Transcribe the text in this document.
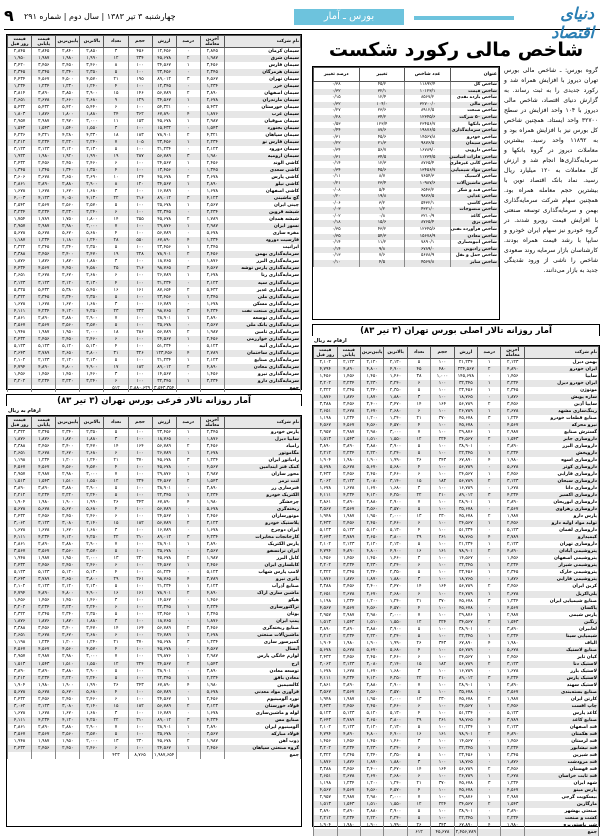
۹ چهارشنبه ۳ تیر ۱۳۸۳ | سال دوم | شماره ۲۹۱	بورس ـ آمار	دنیای اقتصاد
نام شرکت	آخرین معامله	درصد	ارزش	حجم	تعداد	بالاترین	پایین‌ترین	قیمت پایانی	قیمت روز قبل
سیمان کرمان	۲,۸۴۵	۰	۱۲,۴۵۶	۴۵۶	۳	۲,۸۵۰	۲,۸۴۰	۲,۸۴۵	۲,۸۴۵
سیمان شرق	۱,۹۸۷	۲	۴۵,۶۷۸	۲۳۴	۱۲	۱,۹۹۰	۱,۹۸۰	۱,۹۸۷	۱,۹۵۰
سیمان فارس	۳,۴۵۶	۱	۳۴,۵۶۷	۱۰۰	۸	۳,۴۶۰	۳,۴۵۰	۳,۴۵۶	۳,۴۲۰
سیمان هرمزگان	۲,۳۴۵	۰	۲۳,۴۵۶	۱۰۰	۵	۲,۳۵۰	۲,۳۴۰	۲,۳۴۵	۲,۳۴۵
سیمان تهران	۴,۵۶۷	۳	۸۹,۰۱۲	۱۹۵	۲۱	۴,۵۷۰	۴,۵۰۰	۴,۵۶۷	۴,۴۳۴
سیمان خزر	۱,۲۳۴	۰	۱۲,۳۴۵	۱۰۰	۴	۱,۲۴۰	۱,۲۳۰	۱,۲۳۴	۱,۲۳۴
سیمان اصفهان	۳,۸۹۰	۲	۵۶,۷۸۹	۱۴۶	۱۵	۳,۹۰۰	۳,۸۵۰	۳,۸۹۰	۳,۸۱۴
سیمان مازندران	۲,۶۷۸	۱	۳۴,۵۶۷	۱۲۹	۹	۲,۶۸۰	۲,۶۶۰	۲,۶۷۸	۲,۶۵۱
سیمان خوزستان	۵,۴۳۲	۰	۵۴,۳۲۱	۱۰۰	۶	۵,۴۴۰	۵,۴۲۰	۵,۴۳۲	۵,۴۳۲
سیمان غرب	۱,۸۷۶	۴	۶۷,۸۹۰	۳۶۲	۲۴	۱,۸۸۰	۱,۸۰۰	۱,۸۷۶	۱,۸۰۳
سیمان صوفیان	۲,۹۸۷	۱	۴۵,۶۷۸	۱۵۳	۱۱	۳,۰۰۰	۲,۹۷۰	۲,۹۸۷	۲,۹۵۷
سیمان بجنورد	۱,۵۴۳	۰	۱۵,۴۳۲	۱۰۰	۳	۱,۵۵۰	۱,۵۴۰	۱,۵۴۳	۱,۵۴۳
سیمان سپاهان	۴,۳۲۱	۲	۷۸,۹۰۱	۱۸۳	۱۸	۴,۳۳۰	۴,۲۸۰	۴,۳۲۱	۴,۲۳۶
سیمان فارس نو	۲,۲۳۴	۱	۲۳,۴۵۶	۱۰۵	۷	۲,۲۴۰	۲,۲۲۰	۲,۲۳۴	۲,۲۱۲
سیمان دورود	۳,۱۲۳	۰	۳۱,۲۳۴	۱۰۰	۵	۳,۱۳۰	۳,۱۲۰	۳,۱۲۳	۳,۱۲۳
سیمان ارومیه	۱,۹۸۰	۳	۵۶,۷۸۹	۲۸۷	۱۹	۱,۹۹۰	۱,۹۲۰	۱,۹۸۰	۱,۹۲۲
کاشی الوند	۲,۴۵۶	۱	۲۴,۵۶۷	۱۰۰	۶	۲,۴۶۰	۲,۴۵۰	۲,۴۵۶	۲,۴۳۲
کاشی سعدی	۱,۳۴۵	۰	۱۳,۴۵۶	۱۰۰	۴	۱,۳۵۰	۱,۳۴۰	۱,۳۴۵	۱,۳۴۵
کاشی پارس	۳,۶۷۸	۲	۴۵,۶۷۸	۱۲۴	۱۰	۳,۶۹۰	۳,۶۵۰	۳,۶۷۸	۳,۶۰۶
کاشی نیلو	۲,۸۹۰	۱	۳۴,۵۶۷	۱۲۰	۸	۲,۹۰۰	۲,۸۸۰	۲,۸۹۰	۲,۸۶۱
کاشی اصفهان	۱,۶۷۸	۰	۱۶,۷۸۹	۱۰۰	۳	۱,۶۸۰	۱,۶۷۰	۱,۶۷۸	۱,۶۷۸
گچ ماشینی	۴,۱۲۳	۳	۸۹,۰۱۲	۲۱۶	۲۲	۴,۱۳۰	۴,۰۵۰	۴,۱۲۳	۴,۰۰۳
چینی ایران	۲,۵۶۷	۱	۲۵,۶۷۸	۱۰۰	۵	۲,۵۷۰	۲,۵۶۰	۲,۵۶۷	۲,۵۴۲
شیشه قزوین	۳,۲۳۴	۰	۳۲,۳۴۵	۱۰۰	۶	۳,۲۴۰	۳,۲۳۰	۳,۲۳۴	۳,۲۳۴
شیشه همدان	۱,۷۸۹	۲	۴۵,۶۷۸	۲۵۵	۱۴	۱,۸۰۰	۱,۷۵۰	۱,۷۸۹	۱,۷۵۴
نسوز ایران	۲,۹۸۷	۱	۲۹,۸۷۶	۱۰۰	۷	۳,۰۰۰	۲,۹۸۰	۲,۹۸۷	۲,۹۵۷
مقره سازی	۵,۶۷۸	۰	۵۶,۷۸۹	۱۰۰	۴	۵,۶۸۰	۵,۶۷۰	۵,۶۷۸	۵,۶۷۸
فارسیت دورود	۱,۲۳۴	۴	۶۷,۸۹۰	۵۵۰	۲۸	۱,۲۴۰	۱,۱۸۰	۱,۲۳۴	۱,۱۸۷
ایرانیت	۲,۳۴۵	۱	۲۳,۴۵۶	۱۰۰	۵	۲,۳۵۰	۲,۳۴۰	۲,۳۴۵	۲,۳۲۲
سرمایه‌گذاری بهمن	۳,۴۵۶	۲	۷۸,۹۰۱	۲۲۸	۱۹	۳,۴۷۰	۳,۴۰۰	۳,۴۵۶	۳,۳۸۸
سرمایه‌گذاری البرز	۱,۸۷۶	۰	۱۸,۷۶۵	۱۰۰	۳	۱,۸۸۰	۱,۸۷۰	۱,۸۷۶	۱,۸۷۶
سرمایه‌گذاری پارس توشه	۴,۵۶۷	۳	۹۸,۷۶۵	۲۱۶	۲۵	۴,۵۸۰	۴,۴۵۰	۴,۵۶۷	۴,۴۳۴
سرمایه‌گذاری رنا	۲,۶۷۸	۱	۲۶,۷۸۹	۱۰۰	۶	۲,۶۸۰	۲,۶۷۰	۲,۶۷۸	۲,۶۵۱
سرمایه‌گذاری سپه	۳,۱۲۳	۰	۳۱,۲۳۴	۱۰۰	۴	۳,۱۳۰	۳,۱۲۰	۳,۱۲۳	۳,۱۲۳
سرمایه‌گذاری غدیر	۵,۴۳۲	۲	۸۷,۶۵۴	۱۶۱	۱۶	۵,۴۵۰	۵,۳۸۰	۵,۴۳۲	۵,۳۲۵
سرمایه‌گذاری ملی	۲,۳۴۵	۱	۲۳,۴۵۶	۱۰۰	۵	۲,۳۵۰	۲,۳۴۰	۲,۳۴۵	۲,۳۲۲
سرمایه‌گذاری مسکن	۱,۶۷۸	۰	۱۶,۷۸۹	۱۰۰	۳	۱,۶۸۰	۱,۶۷۰	۱,۶۷۸	۱,۶۷۸
سرمایه‌گذاری صنعت نفت	۴,۲۳۴	۳	۹۸,۷۶۵	۲۳۳	۲۳	۴,۲۵۰	۴,۱۲۰	۴,۲۳۴	۴,۱۱۱
سرمایه‌گذاری توسعه	۲,۸۹۰	۱	۲۸,۹۰۱	۱۰۰	۷	۲,۹۰۰	۲,۸۸۰	۲,۸۹۰	۲,۸۶۱
سرمایه‌گذاری بانک ملی	۳,۵۶۷	۰	۳۵,۶۷۸	۱۰۰	۵	۳,۵۷۰	۳,۵۶۰	۳,۵۶۷	۳,۵۶۷
سرمایه‌گذاری تامین	۱,۹۸۷	۲	۵۶,۷۸۹	۲۸۶	۱۸	۲,۰۰۰	۱,۹۵۰	۱,۹۸۷	۱,۹۴۸
سرمایه‌گذاری خوارزمی	۲,۴۵۶	۱	۲۴,۵۶۷	۱۰۰	۶	۲,۴۶۰	۲,۴۵۰	۲,۴۵۶	۲,۴۳۲
سرمایه‌گذاری آتیه	۵,۱۲۳	۰	۵۱,۲۳۴	۱۰۰	۴	۵,۱۳۰	۵,۱۲۰	۵,۱۲۳	۵,۱۲۳
سرمایه‌گذاری ساختمان	۳,۷۸۹	۴	۱۲۳,۴۵۶	۳۲۶	۳۱	۳,۸۰۰	۳,۶۵۰	۳,۷۸۹	۳,۶۴۳
سرمایه‌گذاری صنایع	۲,۱۲۳	۱	۲۱,۲۳۴	۱۰۰	۵	۲,۱۳۰	۲,۱۲۰	۲,۱۲۳	۲,۱۰۲
سرمایه‌گذاری معادن	۴,۸۹۰	۲	۸۹,۰۱۲	۱۸۲	۱۷	۴,۹۰۰	۴,۸۰۰	۴,۸۹۰	۴,۷۹۴
سرمایه‌گذاری نیرو	۱,۴۵۶	۰	۱۴,۵۶۷	۱۰۰	۳	۱,۴۶۰	۱,۴۵۰	۱,۴۵۶	۱,۴۵۶
سرمایه‌گذاری دارو	۳,۲۳۴	۱	۳۲,۳۴۵	۱۰۰	۶	۳,۲۴۰	۳,۲۳۰	۳,۲۳۴	۳,۲۰۲
جمع			۳,۵۴۳,۳۵۴	۲,۸۸۰,۶۲۹	۵۱۲				
شاخص مالی رکورد شکست
گروه بورس: ـ شاخص مالی بورس تهران دیروز با افزایش همراه شد و رکورد جدیدی را به ثبت رساند. به گزارش دنیای اقتصاد، شاخص مالی دیروز با ۱۰۴ واحد افزایش در سطح ۳۲۷۰۰ واحد ایستاد. همچنین شاخص کل بورس نیز با افزایش همراه بود و به ۱۱۸۹۲ واحد رسید. بیشترین معاملات دیروز در گروه بانکها و سرمایه‌گذاری‌ها انجام شد و ارزش کل معاملات به ۱۲۰ میلیارد ریال رسید. نماد بانک اقتصاد نوین با بیشترین حجم معامله همراه بود. همچنین سهام شرکت سرمایه‌گذاری بهمن و سرمایه‌گذاری توسعه صنعتی با افزایش قیمت روبرو شدند. در گروه خودرو نیز سهام ایران خودرو و سایپا با رشد قیمت همراه بودند. کارشناسان بازار سرمایه روند صعودی شاخص را ناشی از ورود نقدینگی جدید به بازار می‌دانند.
عنوان	عدد شاخص	تغییر	درصد تغییر
شاخص کل	۱۱۸۹۲/۴	۴۵/۲	۰/۳۸
شاخص قیمت	۱۰۱۲۳/۱	۳۲/۱	۰/۳۲
شاخص بازده نقدی	۸۵۶۷/۲	۱۲/۴	۰/۱۵
شاخص مالی	۳۲۷۰۰/۰	۱۰۴/۰	۰/۳۲
شاخص صنعت	۸۹۱۲/۵	۲۳/۶	۰/۲۷
شاخص ۵۰ شرکت	۱۲۳۴۵/۶	۳۴/۲	۰/۲۸
شاخص بانکها	۲۳۴۵۶/۷	۱۲۳/۴	۰/۵۳
شاخص سرمایه‌گذاری	۱۹۸۷۶/۵	۸۷/۶	۰/۴۴
شاخص خودرو	۱۴۵۶۷/۸	۴۵/۶	۰/۳۱
شاخص سیمان	۹۸۷۶/۵	۲۱/۳	۰/۲۲
شاخص دارویی	۱۶۷۸۹/۰	۵۶/۷	۰/۳۴
شاخص فلزات اساسی	۱۱۲۳۴/۵	۳۴/۵	۰/۳۱
شاخص کانی غیرفلزی	۸۷۶۵/۴	۱۲/۳	۰/۱۴
شاخص مواد شیمیایی	۱۳۴۵۶/۷	۴۵/۶	۰/۳۴
شاخص لاستیک	۷۶۵۴/۳	۸/۷	۰/۱۱
شاخص ماشین‌آلات	۱۰۹۸۷/۶	۲۳/۴	۰/۲۱
شاخص قند و شکر	۶۵۴۳/۲	۵/۴	۰/۰۸
شاخص غذایی	۹۸۷۶/۵	۱۹/۸	۰/۲۰
شاخص کاشی	۵۴۳۲/۱	۳/۲	۰/۰۶
شاخص منسوجات	۴۳۲۱/۰	۱/۲	۰/۰۳
شاخص کاغذ	۳۲۱۰/۹	۰/۸	۰/۰۲
شاخص برق	۸۷۶۵/۴	۱۵/۶	۰/۱۸
شاخص فرآورده نفتی	۱۲۳۴۵/۶	۴۳/۲	۰/۳۵
شاخص معادن	۱۵۶۷۸/۹	۵۴/۳	۰/۳۵
شاخص انبوه‌سازی	۷۸۹۰/۱	۱۱/۲	۰/۱۴
شاخص رادیویی	۶۷۸۹/۰	۹/۸	۰/۱۴
شاخص حمل و نقل	۵۶۷۸/۹	۷/۶	۰/۱۳
شاخص سایر	۴۵۶۷/۸	۴/۵	۰/۱۰
آمار روزانه تالار اصلی بورس تهران (۳ تیر ۸۳)
ارقام به ریال
نام شرکت	آخرین معامله	درصد	ارزش	حجم	تعداد	بالاترین	پایین‌ترین	قیمت پایانی	قیمت روز قبل
بهمن دیزل	۲,۱۲۳	۱	۲۱,۲۳۴	۱۰۰	۵	۲,۱۳۰	۲,۱۲۰	۲,۱۲۳	۲,۱۰۲
ایران خودرو	۴,۸۹۰	۲	۲۳۴,۵۶۷	۴۸۰	۴۵	۴,۹۰۰	۴,۸۰۰	۴,۸۹۰	۴,۷۹۴
سایپا	۱,۴۵۶	۰	۱۴۵,۶۷۸	۱,۰۰۰	۳۸	۱,۴۶۰	۱,۴۵۰	۱,۴۵۶	۱,۴۵۶
ایران خودرو دیزل	۳,۲۳۴	۱	۳۲,۳۴۵	۱۰۰	۶	۳,۲۴۰	۳,۲۳۰	۳,۲۳۴	۳,۲۰۲
موتوژن	۲,۳۴۵	۱	۲۳,۴۵۶	۱۰۰	۵	۲,۳۵۰	۲,۳۴۰	۲,۳۴۵	۲,۳۲۲
سازه پویش	۱,۸۷۶	۰	۱۸,۷۶۵	۱۰۰	۳	۱,۸۸۰	۱,۸۷۰	۱,۸۷۶	۱,۸۷۶
سایپا آذین	۳,۴۵۶	۲	۵۶,۷۸۹	۱۶۴	۱۴	۳,۴۷۰	۳,۴۰۰	۳,۴۵۶	۳,۳۸۸
رینگ‌سازی مشهد	۲,۶۷۸	۱	۲۶,۷۸۹	۱۰۰	۶	۲,۶۸۰	۲,۶۷۰	۲,۶۷۸	۲,۶۵۱
صنایع قطعات خودرو	۱,۲۳۴	۳	۴۵,۶۷۸	۳۷۰	۲۱	۱,۲۴۰	۱,۲۰۰	۱,۲۳۴	۱,۱۹۸
نیرو محرکه	۴,۵۶۷	۰	۴۵,۶۷۸	۱۰۰	۴	۴,۵۷۰	۴,۵۶۰	۴,۵۶۷	۴,۵۶۷
گسترش صنایع	۲,۹۸۷	۱	۲۹,۸۷۶	۱۰۰	۷	۳,۰۰۰	۲,۹۸۰	۲,۹۸۷	۲,۹۵۷
داروسازی جابر	۱,۵۴۳	۲	۳۴,۵۶۷	۲۲۴	۱۲	۱,۵۵۰	۱,۵۱۰	۱,۵۴۳	۱,۵۱۳
داروسازی البرز	۳,۸۹۰	۰	۳۸,۹۰۱	۱۰۰	۵	۳,۹۰۰	۳,۸۸۰	۳,۸۹۰	۳,۸۹۰
داروپخش	۲,۲۳۴	۱	۲۲,۳۴۵	۱۰۰	۵	۲,۲۴۰	۲,۲۲۰	۲,۲۳۴	۲,۲۱۲
داروسازی اسوه	۱,۹۸۰	۴	۶۷,۸۹۰	۳۴۳	۲۶	۱,۹۹۰	۱,۹۰۰	۱,۹۸۰	۱,۹۰۴
داروسازی کوثر	۵,۶۷۸	۰	۵۶,۷۸۹	۱۰۰	۴	۵,۶۸۰	۵,۶۷۰	۵,۶۷۸	۵,۶۷۸
داروسازی فارابی	۲,۴۵۶	۱	۲۴,۵۶۷	۱۰۰	۶	۲,۴۶۰	۲,۴۵۰	۲,۴۵۶	۲,۴۳۲
داروسازی سبحان	۳,۱۲۳	۲	۵۶,۷۸۹	۱۸۲	۱۵	۳,۱۴۰	۳,۰۸۰	۳,۱۲۳	۳,۰۶۲
داروسازی دانا	۱,۶۷۸	۰	۱۶,۷۸۹	۱۰۰	۳	۱,۶۸۰	۱,۶۷۰	۱,۶۷۸	۱,۶۷۸
داروسازی اکسیر	۴,۲۳۴	۳	۸۹,۰۱۲	۲۱۰	۲۲	۴,۲۵۰	۴,۱۲۰	۴,۲۳۴	۴,۱۱۱
داروسازی ابوریحان	۲,۸۹۰	۱	۲۸,۹۰۱	۱۰۰	۷	۲,۹۰۰	۲,۸۸۰	۲,۸۹۰	۲,۸۶۱
داروسازی زهراوی	۳,۵۶۷	۰	۳۵,۶۷۸	۱۰۰	۵	۳,۵۷۰	۳,۵۶۰	۳,۵۶۷	۳,۵۶۷
پارس دارو	۱,۹۸۷	۲	۴۵,۶۷۸	۲۳۰	۱۳	۲,۰۰۰	۱,۹۵۰	۱,۹۸۷	۱,۹۴۸
تولید مواد اولیه دارو	۲,۴۵۶	۱	۲۴,۵۶۷	۱۰۰	۶	۲,۴۶۰	۲,۴۵۰	۲,۴۵۶	۲,۴۳۲
داروسازی لقمان	۵,۱۲۳	۰	۵۱,۲۳۴	۱۰۰	۴	۵,۱۳۰	۵,۱۲۰	۵,۱۲۳	۵,۱۲۳
کیمیدارو	۳,۷۸۹	۴	۹۸,۷۶۵	۲۶۱	۲۹	۳,۸۰۰	۳,۶۵۰	۳,۷۸۹	۳,۶۴۳
داروسازی تهران	۲,۱۲۳	۱	۲۱,۲۳۴	۱۰۰	۵	۲,۱۳۰	۲,۱۲۰	۲,۱۲۳	۲,۱۰۲
پتروشیمی آبادان	۴,۸۹۰	۲	۷۸,۹۰۱	۱۶۱	۱۶	۴,۹۰۰	۴,۸۰۰	۴,۸۹۰	۴,۷۹۴
پتروشیمی اصفهان	۱,۴۵۶	۰	۱۴,۵۶۷	۱۰۰	۳	۱,۴۶۰	۱,۴۵۰	۱,۴۵۶	۱,۴۵۶
پتروشیمی شیراز	۳,۲۳۴	۱	۳۲,۳۴۵	۱۰۰	۶	۳,۲۴۰	۳,۲۳۰	۳,۲۳۴	۳,۲۰۲
پتروشیمی خارک	۲,۳۴۵	۱	۲۳,۴۵۶	۱۰۰	۵	۲,۳۵۰	۲,۳۴۰	۲,۳۴۵	۲,۳۲۲
پتروشیمی فارابی	۱,۸۷۶	۰	۱۸,۷۶۵	۱۰۰	۳	۱,۸۸۰	۱,۸۷۰	۱,۸۷۶	۱,۸۷۶
کربن ایران	۳,۴۵۶	۲	۵۶,۷۸۹	۱۶۴	۱۴	۳,۴۷۰	۳,۴۰۰	۳,۴۵۶	۳,۳۸۸
پلی‌اکریل	۲,۶۷۸	۱	۲۶,۷۸۹	۱۰۰	۶	۲,۶۸۰	۲,۶۷۰	۲,۶۷۸	۲,۶۵۱
صنایع شیمیایی ایران	۱,۲۳۴	۳	۴۵,۶۷۸	۳۷۰	۲۱	۱,۲۴۰	۱,۲۰۰	۱,۲۳۴	۱,۱۹۸
پاکسان	۴,۵۶۷	۰	۴۵,۶۷۸	۱۰۰	۴	۴,۵۷۰	۴,۵۶۰	۴,۵۶۷	۴,۵۶۷
پارس شیمی	۲,۹۸۷	۱	۲۹,۸۷۶	۱۰۰	۷	۳,۰۰۰	۲,۹۸۰	۲,۹۸۷	۲,۹۵۷
رنگین	۱,۵۴۳	۲	۳۴,۵۶۷	۲۲۴	۱۲	۱,۵۵۰	۱,۵۱۰	۱,۵۴۳	۱,۵۱۳
لعابیران	۳,۸۹۰	۰	۳۸,۹۰۱	۱۰۰	۵	۳,۹۰۰	۳,۸۸۰	۳,۸۹۰	۳,۸۹۰
شیمیایی سینا	۲,۲۳۴	۱	۲۲,۳۴۵	۱۰۰	۵	۲,۲۴۰	۲,۲۲۰	۲,۲۳۴	۲,۲۱۲
الیاف	۱,۹۸۰	۴	۶۷,۸۹۰	۳۴۳	۲۶	۱,۹۹۰	۱,۹۰۰	۱,۹۸۰	۱,۹۰۴
صنایع لاستیک	۵,۶۷۸	۰	۵۶,۷۸۹	۱۰۰	۴	۵,۶۸۰	۵,۶۷۰	۵,۶۷۸	۵,۶۷۸
کیان تایر	۲,۴۵۶	۱	۲۴,۵۶۷	۱۰۰	۶	۲,۴۶۰	۲,۴۵۰	۲,۴۵۶	۲,۴۳۲
لاستیک دنا	۳,۱۲۳	۲	۵۶,۷۸۹	۱۸۲	۱۵	۳,۱۴۰	۳,۰۸۰	۳,۱۲۳	۳,۰۶۲
لاستیک بارز	۱,۶۷۸	۰	۱۶,۷۸۹	۱۰۰	۳	۱,۶۸۰	۱,۶۷۰	۱,۶۷۸	۱,۶۷۸
لاستیک پارس	۴,۲۳۴	۳	۸۹,۰۱۲	۲۱۰	۲۲	۴,۲۵۰	۴,۱۲۰	۴,۲۳۴	۴,۱۱۱
لاستیک سهند	۲,۸۹۰	۱	۲۸,۹۰۱	۱۰۰	۷	۲,۹۰۰	۲,۸۸۰	۲,۸۹۰	۲,۸۶۱
صنایع بسته‌بندی	۳,۵۶۷	۰	۳۵,۶۷۸	۱۰۰	۵	۳,۵۷۰	۳,۵۶۰	۳,۵۶۷	۳,۵۶۷
کارتن ایران	۱,۹۸۷	۲	۴۵,۶۷۸	۲۳۰	۱۳	۲,۰۰۰	۱,۹۵۰	۱,۹۸۷	۱,۹۴۸
چاپ افست	۲,۴۵۶	۱	۲۴,۵۶۷	۱۰۰	۶	۲,۴۶۰	۲,۴۵۰	۲,۴۵۶	۲,۴۳۲
کاغذ پارس	۵,۱۲۳	۰	۵۱,۲۳۴	۱۰۰	۴	۵,۱۳۰	۵,۱۲۰	۵,۱۲۳	۵,۱۲۳
صنایع کاغذ	۳,۷۸۹	۴	۹۸,۷۶۵	۲۶۱	۲۹	۳,۸۰۰	۳,۶۵۰	۳,۷۸۹	۳,۶۴۳
قند اصفهان	۲,۱۲۳	۱	۲۱,۲۳۴	۱۰۰	۵	۲,۱۳۰	۲,۱۲۰	۲,۱۲۳	۲,۱۰۲
قند هکمتان	۴,۸۹۰	۲	۷۸,۹۰۱	۱۶۱	۱۶	۴,۹۰۰	۴,۸۰۰	۴,۸۹۰	۴,۷۹۴
قند لرستان	۱,۴۵۶	۰	۱۴,۵۶۷	۱۰۰	۳	۱,۴۶۰	۱,۴۵۰	۱,۴۵۶	۱,۴۵۶
قند نیشابور	۳,۲۳۴	۱	۳۲,۳۴۵	۱۰۰	۶	۳,۲۴۰	۳,۲۳۰	۳,۲۳۴	۳,۲۰۲
قند شیرین	۲,۳۴۵	۱	۲۳,۴۵۶	۱۰۰	۵	۲,۳۵۰	۲,۳۴۰	۲,۳۴۵	۲,۳۲۲
قند مرودشت	۱,۸۷۶	۰	۱۸,۷۶۵	۱۰۰	۳	۱,۸۸۰	۱,۸۷۰	۱,۸۷۶	۱,۸۷۶
قند قهستان	۳,۴۵۶	۲	۵۶,۷۸۹	۱۶۴	۱۴	۳,۴۷۰	۳,۴۰۰	۳,۴۵۶	۳,۳۸۸
قند ثابت خراسان	۲,۶۷۸	۱	۲۶,۷۸۹	۱۰۰	۶	۲,۶۸۰	۲,۶۷۰	۲,۶۷۸	۲,۶۵۱
شهد ایران	۱,۲۳۴	۳	۴۵,۶۷۸	۳۷۰	۲۱	۱,۲۴۰	۱,۲۰۰	۱,۲۳۴	۱,۱۹۸
پارس مینو	۴,۵۶۷	۰	۴۵,۶۷۸	۱۰۰	۴	۴,۵۷۰	۴,۵۶۰	۴,۵۶۷	۴,۵۶۷
بیسکویت گرجی	۲,۹۸۷	۱	۲۹,۸۷۶	۱۰۰	۷	۳,۰۰۰	۲,۹۸۰	۲,۹۸۷	۲,۹۵۷
مارگارین	۱,۵۴۳	۲	۳۴,۵۶۷	۲۲۴	۱۲	۱,۵۵۰	۱,۵۱۰	۱,۵۴۳	۱,۵۱۳
صنعتی بهشهر	۳,۸۹۰	۰	۳۸,۹۰۱	۱۰۰	۵	۳,۹۰۰	۳,۸۸۰	۳,۸۹۰	۳,۸۹۰
کشت و صنعت	۲,۲۳۴	۱	۲۲,۳۴۵	۱۰۰	۵	۲,۲۴۰	۲,۲۲۰	۲,۲۳۴	۲,۲۱۲
شیر پاستوریزه	۱,۹۸۰	۴	۶۷,۸۹۰	۳۴۳	۲۶	۱,۹۹۰	۱,۹۰۰	۱,۹۸۰	۱,۹۰۴
جمع			۲,۴۵۶,۷۸۹	۴۵,۶۷۸	۶۱۲				
آمار روزانه تالار فرعی بورس تهران (۳ تیر ۸۳)
ارقام به ریال
نام شرکت	آخرین معامله	درصد	ارزش	حجم	تعداد	بالاترین	پایین‌ترین	قیمت پایانی	قیمت روز قبل
پارس خودرو	۲,۳۴۵	۱	۲۳,۴۵۶	۱۰۰	۵	۲,۳۵۰	۲,۳۴۰	۲,۳۴۵	۲,۳۲۲
سایپا دیزل	۱,۸۷۶	۰	۱۸,۷۶۵	۱۰۰	۳	۱,۸۸۰	۱,۸۷۰	۱,۸۷۶	۱,۸۷۶
زامیاد	۳,۴۵۶	۲	۵۶,۷۸۹	۱۶۴	۱۴	۳,۴۷۰	۳,۴۰۰	۳,۴۵۶	۳,۳۸۸
مگاموتور	۲,۶۷۸	۱	۲۶,۷۸۹	۱۰۰	۶	۲,۶۸۰	۲,۶۷۰	۲,۶۷۸	۲,۶۵۱
رادیاتور ایران	۱,۲۳۴	۳	۴۵,۶۷۸	۳۷۰	۲۱	۱,۲۴۰	۱,۲۰۰	۱,۲۳۴	۱,۱۹۸
کمک فنر ایندامین	۴,۵۶۷	۰	۴۵,۶۷۸	۱۰۰	۴	۴,۵۷۰	۴,۵۶۰	۴,۵۶۷	۴,۵۶۷
محور سازان	۲,۹۸۷	۱	۲۹,۸۷۶	۱۰۰	۷	۳,۰۰۰	۲,۹۸۰	۲,۹۸۷	۲,۹۵۷
لنت ترمز	۱,۵۴۳	۲	۳۴,۵۶۷	۲۲۴	۱۲	۱,۵۵۰	۱,۵۱۰	۱,۵۴۳	۱,۵۱۳
فنرسازی زر	۳,۸۹۰	۰	۳۸,۹۰۱	۱۰۰	۵	۳,۹۰۰	۳,۸۸۰	۳,۸۹۰	۳,۸۹۰
الکتریک خودرو	۲,۲۳۴	۱	۲۲,۳۴۵	۱۰۰	۵	۲,۲۴۰	۲,۲۲۰	۲,۲۳۴	۲,۲۱۲
چرخشگر	۱,۹۸۰	۴	۶۷,۸۹۰	۳۴۳	۲۶	۱,۹۹۰	۱,۹۰۰	۱,۹۸۰	۱,۹۰۴
ریخته‌گری	۵,۶۷۸	۰	۵۶,۷۸۹	۱۰۰	۴	۵,۶۸۰	۵,۶۷۰	۵,۶۷۸	۵,۶۷۸
موتورسازان	۲,۴۵۶	۱	۲۴,۵۶۷	۱۰۰	۶	۲,۴۶۰	۲,۴۵۰	۲,۴۵۶	۲,۴۳۲
پلاستیک خودرو	۳,۱۲۳	۲	۵۶,۷۸۹	۱۸۲	۱۵	۳,۱۴۰	۳,۰۸۰	۳,۱۲۳	۳,۰۶۲
ایران دوچرخ	۱,۶۷۸	۰	۱۶,۷۸۹	۱۰۰	۳	۱,۶۸۰	۱,۶۷۰	۱,۶۷۸	۱,۶۷۸
کارخانجات مخابرات	۴,۲۳۴	۳	۸۹,۰۱۲	۲۱۰	۲۲	۴,۲۵۰	۴,۱۲۰	۴,۲۳۴	۴,۱۱۱
پارس الکتریک	۲,۸۹۰	۱	۲۸,۹۰۱	۱۰۰	۷	۲,۹۰۰	۲,۸۸۰	۲,۸۹۰	۲,۸۶۱
ایران ترانسفو	۳,۵۶۷	۰	۳۵,۶۷۸	۱۰۰	۵	۳,۵۷۰	۳,۵۶۰	۳,۵۶۷	۳,۵۶۷
کابل البرز	۱,۹۸۷	۲	۴۵,۶۷۸	۲۳۰	۱۳	۲,۰۰۰	۱,۹۵۰	۱,۹۸۷	۱,۹۴۸
کابلسازی ایران	۲,۴۵۶	۱	۲۴,۵۶۷	۱۰۰	۶	۲,۴۶۰	۲,۴۵۰	۲,۴۵۶	۲,۴۳۲
لامپ پارس شهاب	۵,۱۲۳	۰	۵۱,۲۳۴	۱۰۰	۴	۵,۱۳۰	۵,۱۲۰	۵,۱۲۳	۵,۱۲۳
باتری نیرو	۳,۷۸۹	۴	۹۸,۷۶۵	۲۶۱	۲۹	۳,۸۰۰	۳,۶۵۰	۳,۷۸۹	۳,۶۴۳
صنایع آذرآب	۲,۱۲۳	۱	۲۱,۲۳۴	۱۰۰	۵	۲,۱۳۰	۲,۱۲۰	۲,۱۲۳	۲,۱۰۲
ماشین سازی اراک	۴,۸۹۰	۲	۷۸,۹۰۱	۱۶۱	۱۶	۴,۹۰۰	۴,۸۰۰	۴,۸۹۰	۴,۷۹۴
هپکو	۱,۴۵۶	۰	۱۴,۵۶۷	۱۰۰	۳	۱,۴۶۰	۱,۴۵۰	۱,۴۵۶	۱,۴۵۶
تراکتورسازی	۳,۲۳۴	۱	۳۲,۳۴۵	۱۰۰	۶	۳,۲۴۰	۳,۲۳۰	۳,۲۳۴	۳,۲۰۲
بوتان	۲,۳۴۵	۱	۲۳,۴۵۶	۱۰۰	۵	۲,۳۵۰	۲,۳۴۰	۲,۳۴۵	۲,۳۲۲
پمپ ایران	۱,۸۷۶	۰	۱۸,۷۶۵	۱۰۰	۳	۱,۸۸۰	۱,۸۷۰	۱,۸۷۶	۱,۸۷۶
صنایع ریخته‌گری	۳,۴۵۶	۲	۵۶,۷۸۹	۱۶۴	۱۴	۳,۴۷۰	۳,۴۰۰	۳,۴۵۶	۳,۳۸۸
ماشین‌آلات صنعتی	۲,۶۷۸	۱	۲۶,۷۸۹	۱۰۰	۶	۲,۶۸۰	۲,۶۷۰	۲,۶۷۸	۲,۶۵۱
کمپرسور سازی	۱,۲۳۴	۳	۴۵,۶۷۸	۳۷۰	۲۱	۱,۲۴۰	۱,۲۰۰	۱,۲۳۴	۱,۱۹۸
آبسال	۴,۵۶۷	۰	۴۵,۶۷۸	۱۰۰	۴	۴,۵۷۰	۴,۵۶۰	۴,۵۶۷	۴,۵۶۷
لوازم خانگی پارس	۲,۹۸۷	۱	۲۹,۸۷۶	۱۰۰	۷	۳,۰۰۰	۲,۹۸۰	۲,۹۸۷	۲,۹۵۷
ارج	۱,۵۴۳	۲	۳۴,۵۶۷	۲۲۴	۱۲	۱,۵۵۰	۱,۵۱۰	۱,۵۴۳	۱,۵۱۳
توسعه معادن	۳,۸۹۰	۰	۳۸,۹۰۱	۱۰۰	۵	۳,۹۰۰	۳,۸۸۰	۳,۸۹۰	۳,۸۹۰
معادن بافق	۲,۲۳۴	۱	۲۲,۳۴۵	۱۰۰	۵	۲,۲۴۰	۲,۲۲۰	۲,۲۳۴	۲,۲۱۲
کالسیمین	۱,۹۸۰	۴	۶۷,۸۹۰	۳۴۳	۲۶	۱,۹۹۰	۱,۹۰۰	۱,۹۸۰	۱,۹۰۴
فرآوری مواد معدنی	۵,۶۷۸	۰	۵۶,۷۸۹	۱۰۰	۴	۵,۶۸۰	۵,۶۷۰	۵,۶۷۸	۵,۶۷۸
نورد آلومینیوم	۲,۴۵۶	۱	۲۴,۵۶۷	۱۰۰	۶	۲,۴۶۰	۲,۴۵۰	۲,۴۵۶	۲,۴۳۲
فولاد خوزستان	۳,۱۲۳	۲	۵۶,۷۸۹	۱۸۲	۱۵	۳,۱۴۰	۳,۰۸۰	۳,۱۲۳	۳,۰۶۲
لوله و ماشین‌سازی	۱,۶۷۸	۰	۱۶,۷۸۹	۱۰۰	۳	۱,۶۸۰	۱,۶۷۰	۱,۶۷۸	۱,۶۷۸
صنایع مس	۴,۲۳۴	۳	۸۹,۰۱۲	۲۱۰	۲۲	۴,۲۵۰	۴,۱۲۰	۴,۲۳۴	۴,۱۱۱
آلومینیوم ایران	۲,۸۹۰	۱	۲۸,۹۰۱	۱۰۰	۷	۲,۹۰۰	۲,۸۸۰	۲,۸۹۰	۲,۸۶۱
فولاد مبارکه	۳,۵۶۷	۰	۳۵,۶۷۸	۱۰۰	۵	۳,۵۷۰	۳,۵۶۰	۳,۵۶۷	۳,۵۶۷
ذوب آهن	۱,۹۸۷	۲	۴۵,۶۷۸	۲۳۰	۱۳	۲,۰۰۰	۱,۹۵۰	۱,۹۸۷	۱,۹۴۸
گروه صنعتی سپاهان	۲,۴۵۶	۱	۲۴,۵۶۷	۱۰۰	۶	۲,۴۶۰	۲,۴۵۰	۲,۴۵۶	۲,۴۳۲
جمع			۱,۹۸۷,۶۵۴	۸,۷۶۵	۴۲۳				
